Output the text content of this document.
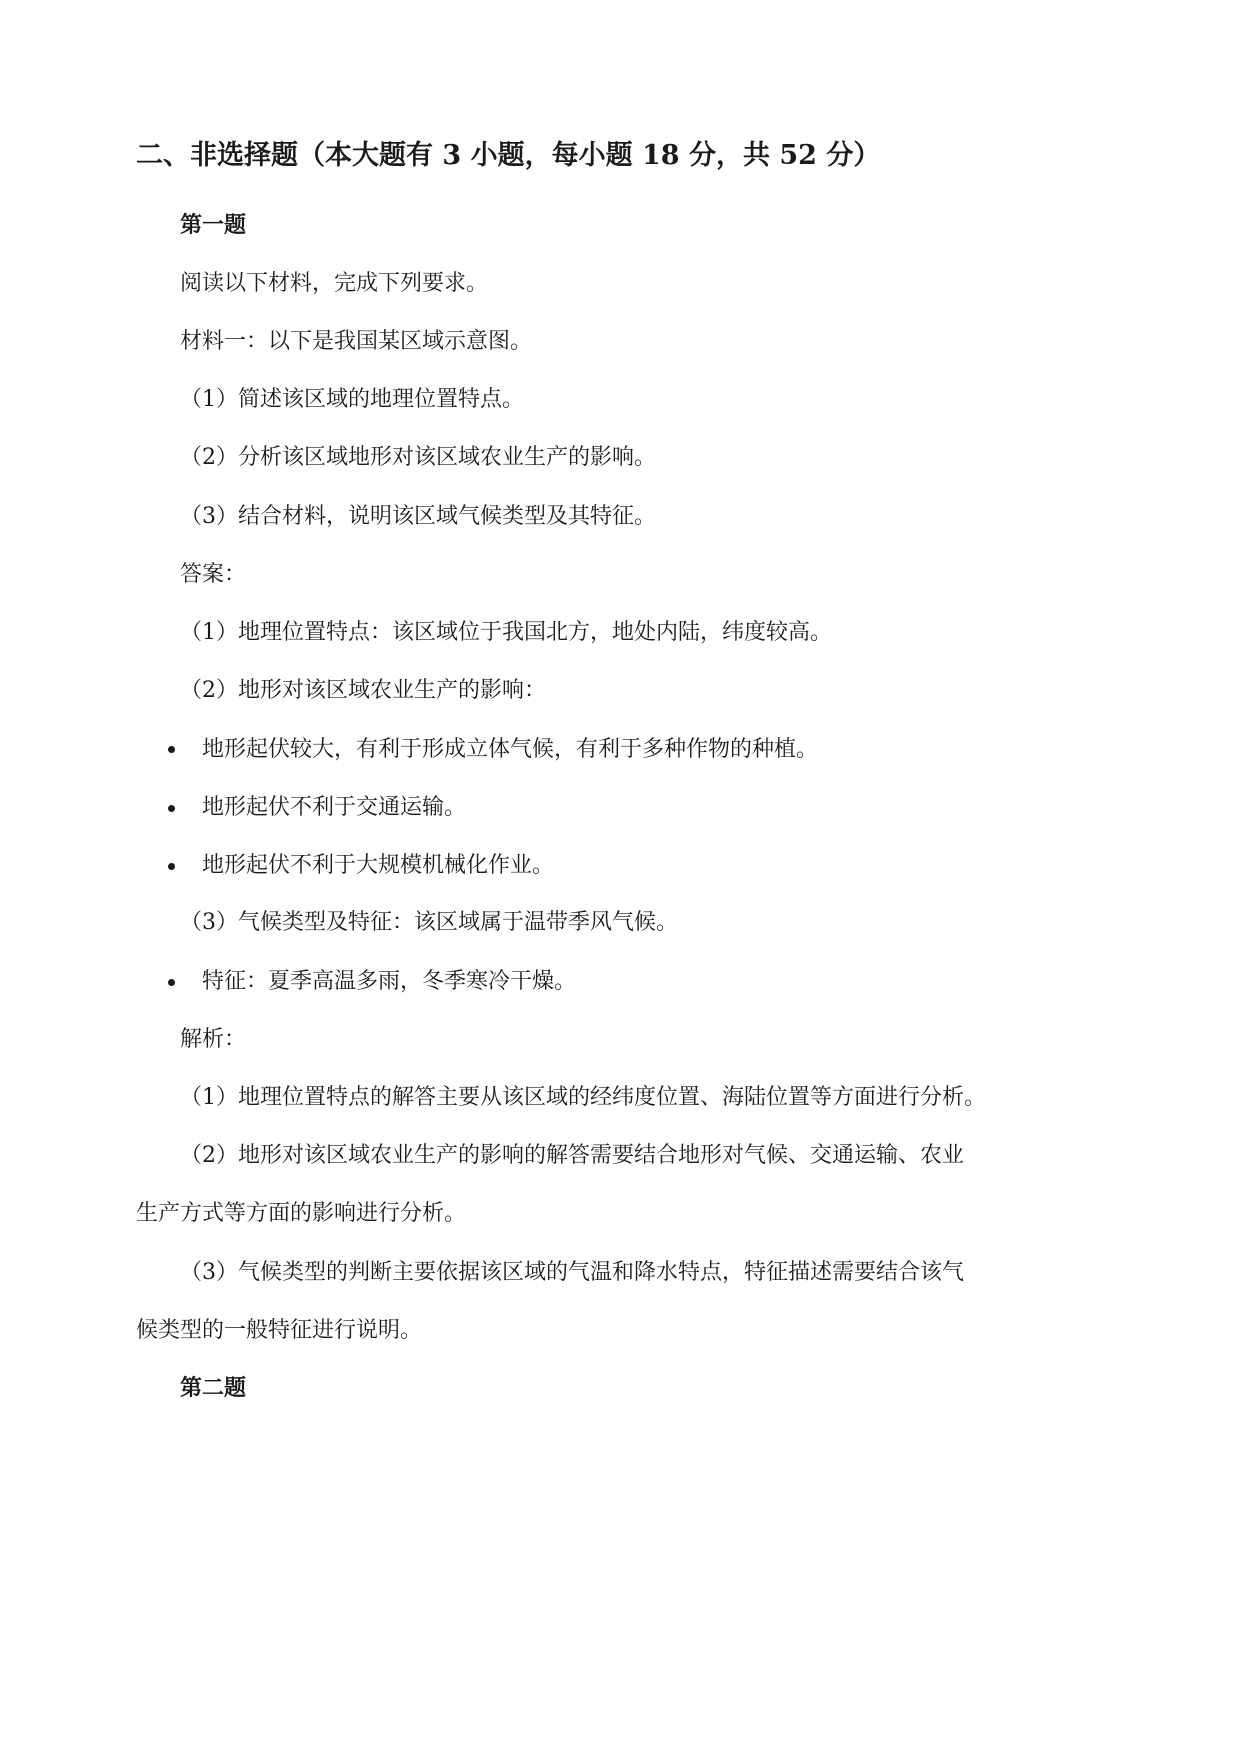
二、非选择题（本大题有 3 小题，每小题 18 分，共 52 分）
第一题
阅读以下材料，完成下列要求。
材料一：以下是我国某区域示意图。
（1）简述该区域的地理位置特点。
（2）分析该区域地形对该区域农业生产的影响。
（3）结合材料，说明该区域气候类型及其特征。
答案：
（1）地理位置特点：该区域位于我国北方，地处内陆，纬度较高。
（2）地形对该区域农业生产的影响：
地形起伏较大，有利于形成立体气候，有利于多种作物的种植。
地形起伏不利于交通运输。
地形起伏不利于大规模机械化作业。
（3）气候类型及特征：该区域属于温带季风气候。
特征：夏季高温多雨，冬季寒冷干燥。
解析：
（1）地理位置特点的解答主要从该区域的经纬度位置、海陆位置等方面进行分析。
（2）地形对该区域农业生产的影响的解答需要结合地形对气候、交通运输、农业
生产方式等方面的影响进行分析。
（3）气候类型的判断主要依据该区域的气温和降水特点，特征描述需要结合该气
候类型的一般特征进行说明。
第二题
